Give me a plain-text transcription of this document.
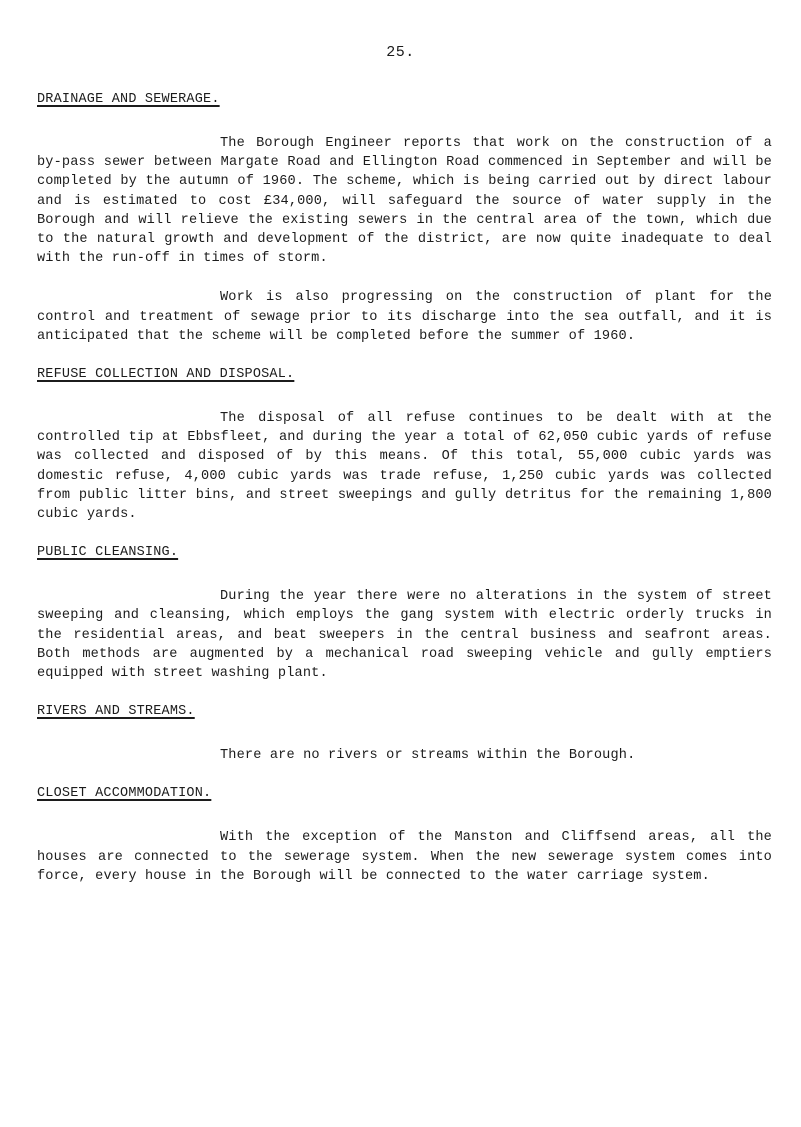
25.
DRAINAGE AND SEWERAGE.

The Borough Engineer reports that work on the construction of a by-pass sewer between Margate Road and Ellington Road commenced in September and will be completed by the autumn of 1960. The scheme, which is being carried out by direct labour and is estimated to cost £34,000, will safeguard the source of water supply in the Borough and will relieve the existing sewers in the central area of the town, which due to the natural growth and development of the district, are now quite inadequate to deal with the run-off in times of storm.

Work is also progressing on the construction of plant for the control and treatment of sewage prior to its discharge into the sea outfall, and it is anticipated that the scheme will be completed before the summer of 1960.

REFUSE COLLECTION AND DISPOSAL.

The disposal of all refuse continues to be dealt with at the controlled tip at Ebbsfleet, and during the year a total of 62,050 cubic yards of refuse was collected and disposed of by this means. Of this total, 55,000 cubic yards was domestic refuse, 4,000 cubic yards was trade refuse, 1,250 cubic yards was collected from public litter bins, and street sweepings and gully detritus for the remaining 1,800 cubic yards.

PUBLIC CLEANSING.

During the year there were no alterations in the system of street sweeping and cleansing, which employs the gang system with electric orderly trucks in the residential areas, and beat sweepers in the central business and seafront areas. Both methods are augmented by a mechanical road sweeping vehicle and gully emptiers equipped with street washing plant.

RIVERS AND STREAMS.

There are no rivers or streams within the Borough.

CLOSET ACCOMMODATION.

With the exception of the Manston and Cliffsend areas, all the houses are connected to the sewerage system. When the new sewerage system comes into force, every house in the Borough will be connected to the water carriage system.
